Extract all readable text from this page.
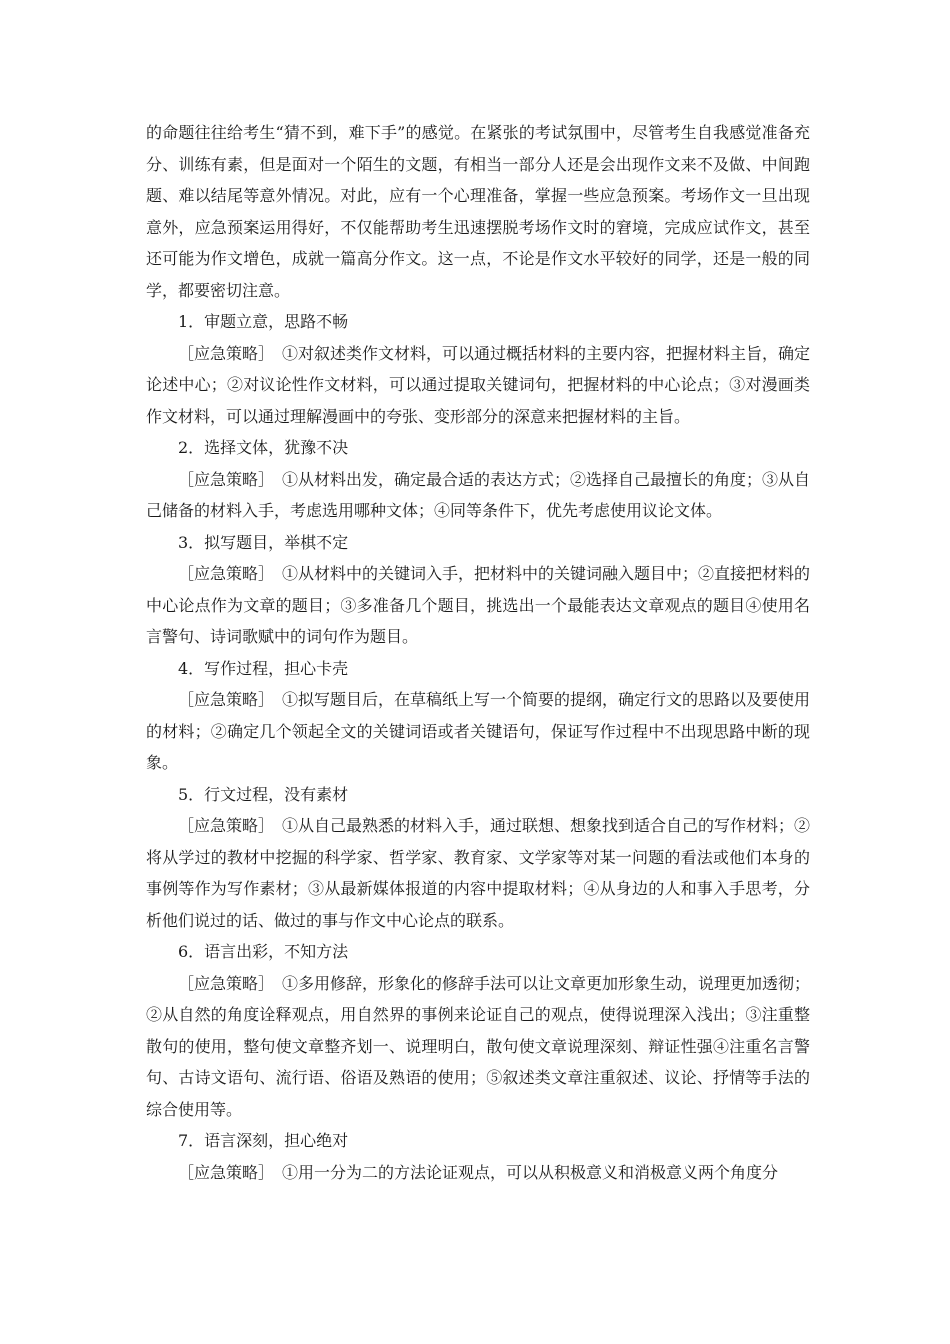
的命题往往给考生“猜不到，难下手”的感觉。在紧张的考试氛围中，尽管考生自我感觉准备充分、训练有素，但是面对一个陌生的文题，有相当一部分人还是会出现作文来不及做、中间跑题、难以结尾等意外情况。对此，应有一个心理准备，掌握一些应急预案。考场作文一旦出现意外，应急预案运用得好，不仅能帮助考生迅速摆脱考场作文时的窘境，完成应试作文，甚至还可能为作文增色，成就一篇高分作文。这一点，不论是作文水平较好的同学，还是一般的同学，都要密切注意。

1．审题立意，思路不畅

［应急策略］　①对叙述类作文材料，可以通过概括材料的主要内容，把握材料主旨，确定论述中心；②对议论性作文材料，可以通过提取关键词句，把握材料的中心论点；③对漫画类作文材料，可以通过理解漫画中的夸张、变形部分的深意来把握材料的主旨。

2．选择文体，犹豫不决

［应急策略］　①从材料出发，确定最合适的表达方式；②选择自己最擅长的角度；③从自己储备的材料入手，考虑选用哪种文体；④同等条件下，优先考虑使用议论文体。

3．拟写题目，举棋不定

［应急策略］　①从材料中的关键词入手，把材料中的关键词融入题目中；②直接把材料的中心论点作为文章的题目；③多准备几个题目，挑选出一个最能表达文章观点的题目④使用名言警句、诗词歌赋中的词句作为题目。

4．写作过程，担心卡壳

［应急策略］　①拟写题目后，在草稿纸上写一个简要的提纲，确定行文的思路以及要使用的材料；②确定几个领起全文的关键词语或者关键语句，保证写作过程中不出现思路中断的现象。

5．行文过程，没有素材

［应急策略］　①从自己最熟悉的材料入手，通过联想、想象找到适合自己的写作材料；②将从学过的教材中挖掘的科学家、哲学家、教育家、文学家等对某一问题的看法或他们本身的事例等作为写作素材；③从最新媒体报道的内容中提取材料；④从身边的人和事入手思考，分析他们说过的话、做过的事与作文中心论点的联系。

6．语言出彩，不知方法

［应急策略］　①多用修辞，形象化的修辞手法可以让文章更加形象生动，说理更加透彻；②从自然的角度诠释观点，用自然界的事例来论证自己的观点，使得说理深入浅出；③注重整散句的使用，整句使文章整齐划一、说理明白，散句使文章说理深刻、辩证性强④注重名言警句、古诗文语句、流行语、俗语及熟语的使用；⑤叙述类文章注重叙述、议论、抒情等手法的综合使用等。

7．语言深刻，担心绝对

［应急策略］　①用一分为二的方法论证观点，可以从积极意义和消极意义两个角度分
